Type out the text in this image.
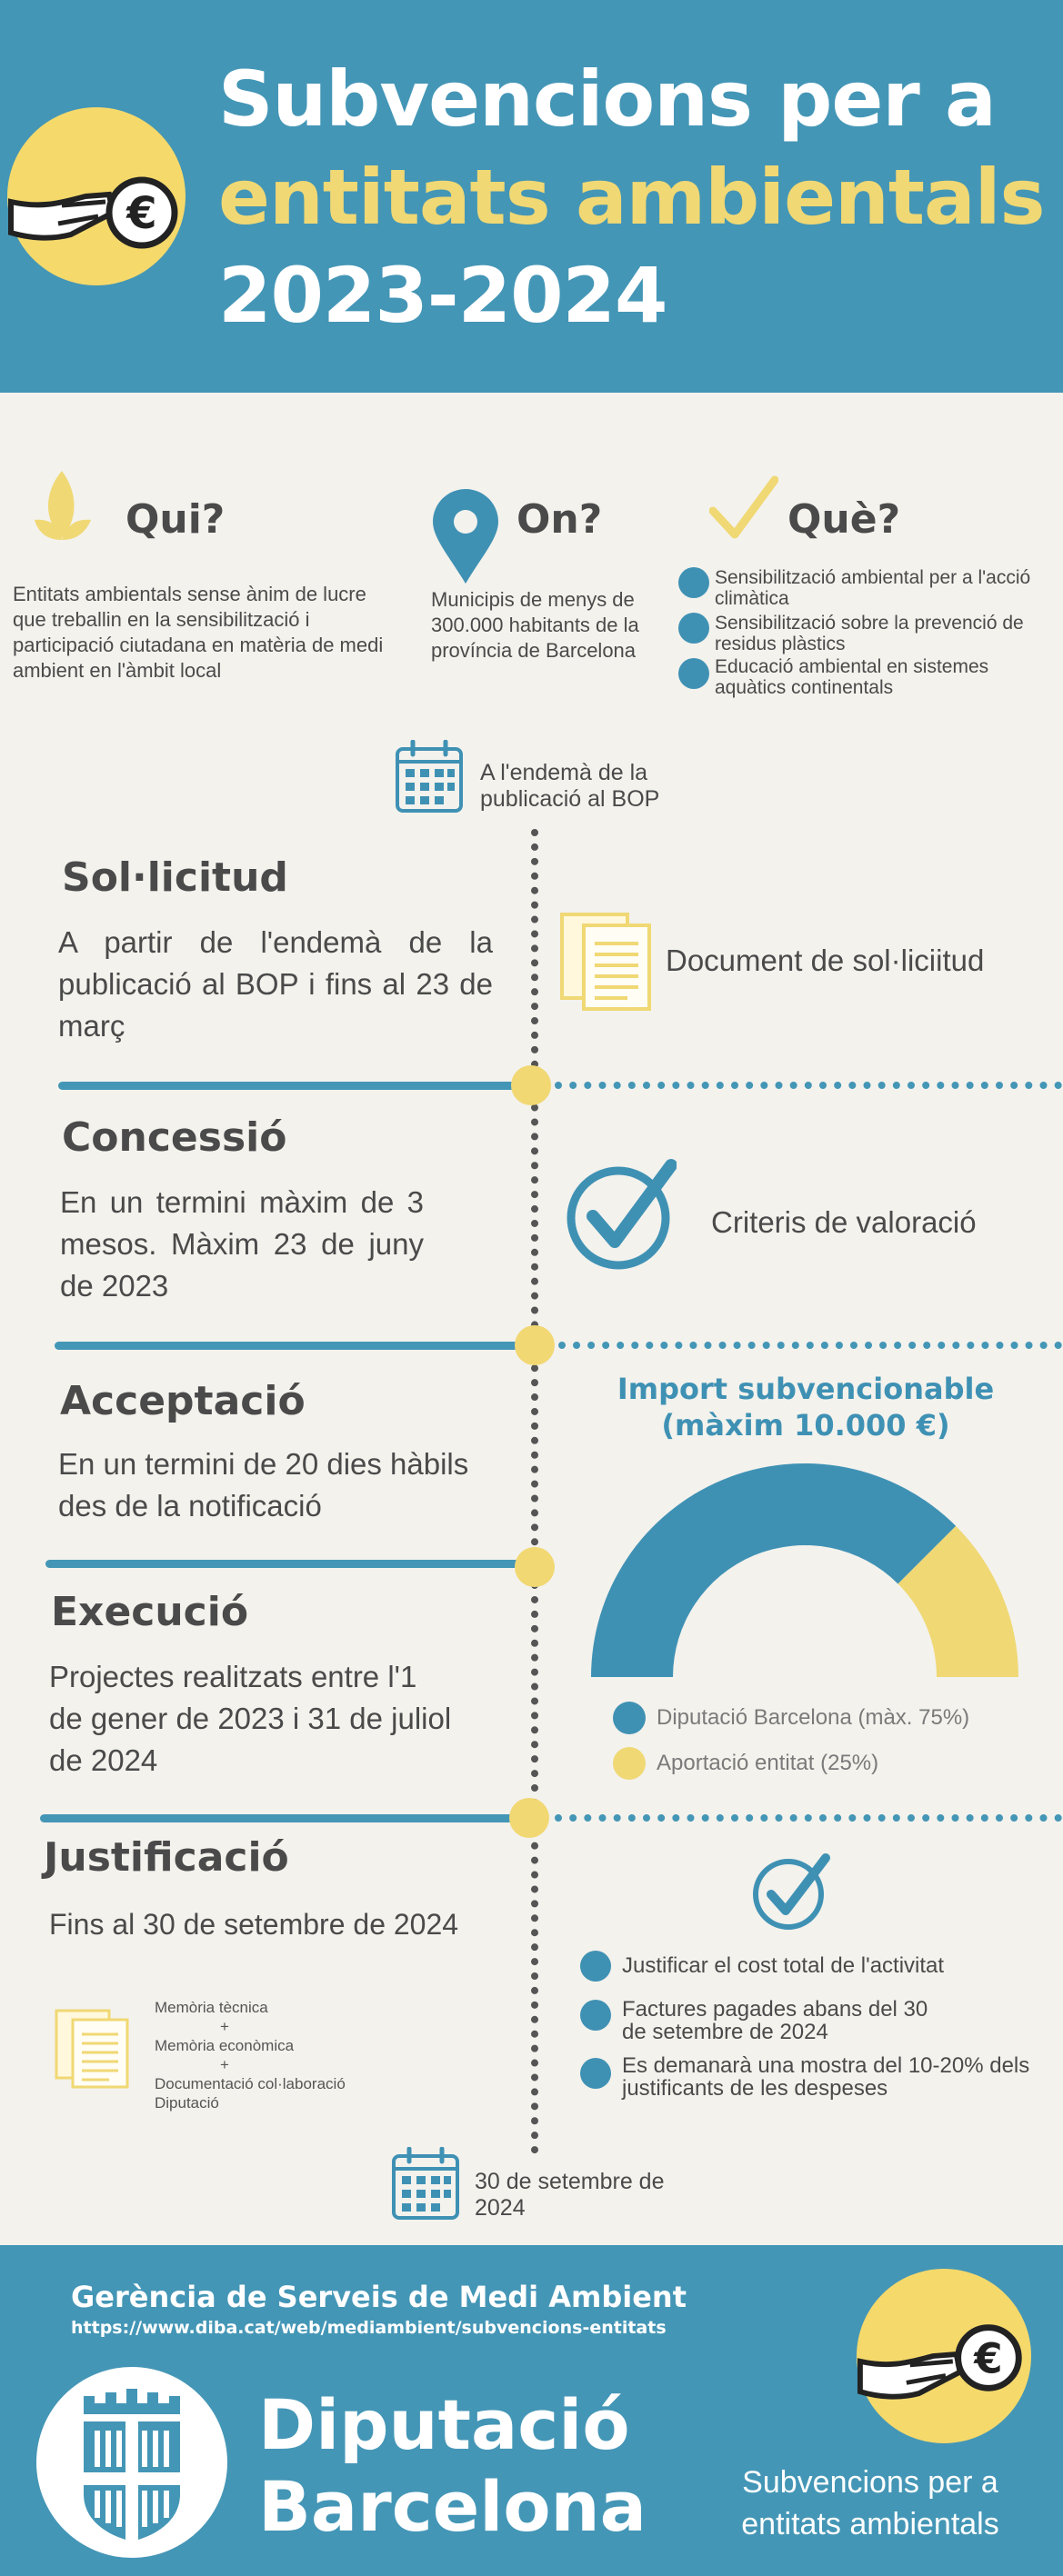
€
Subvencions per a
entitats ambientals
2023-2024
Qui?
Entitats ambientals sense ànim de lucre que treballin en la sensibilització i participació ciutadana en matèria de medi ambient en l'àmbit local
On?
Municipis de menys de 300.000 habitants de la província de Barcelona
Què?
Sensibilització ambiental per a l'acció climàtica
Sensibilització sobre la prevenció de residus plàstics
Educació ambiental en sistemes aquàtics continentals
A l'endemà de la publicació al BOP
Sol·licitud
A partir de l'endemà de la publicació al BOP i fins al 23 de març
Document de sol·liciitud
Concessió
En un termini màxim de 3 mesos. Màxim 23 de juny de 2023
Criteris de valoració
Acceptació
En un termini de 20 dies hàbils des de la notificació
Execució
Projectes realitzats entre l'1 de gener de 2023 i 31 de juliol de 2024
Import subvencionable
(màxim 10.000 €)
Diputació Barcelona (màx. 75%)
Aportació entitat (25%)
Justificació
Fins al 30 de setembre de 2024
Memòria tècnica
+
Memòria econòmica
+
Documentació col·laboració Diputació
Justificar el cost total de l'activitat
Factures pagades abans del 30 de setembre de 2024
Es demanarà una mostra del 10-20% dels justificants de les despeses
30 de setembre de 2024
Gerència de Serveis de Medi Ambient
https://www.diba.cat/web/mediambient/subvencions-entitats
Diputació
Barcelona
€
Subvencions per a entitats ambientals
